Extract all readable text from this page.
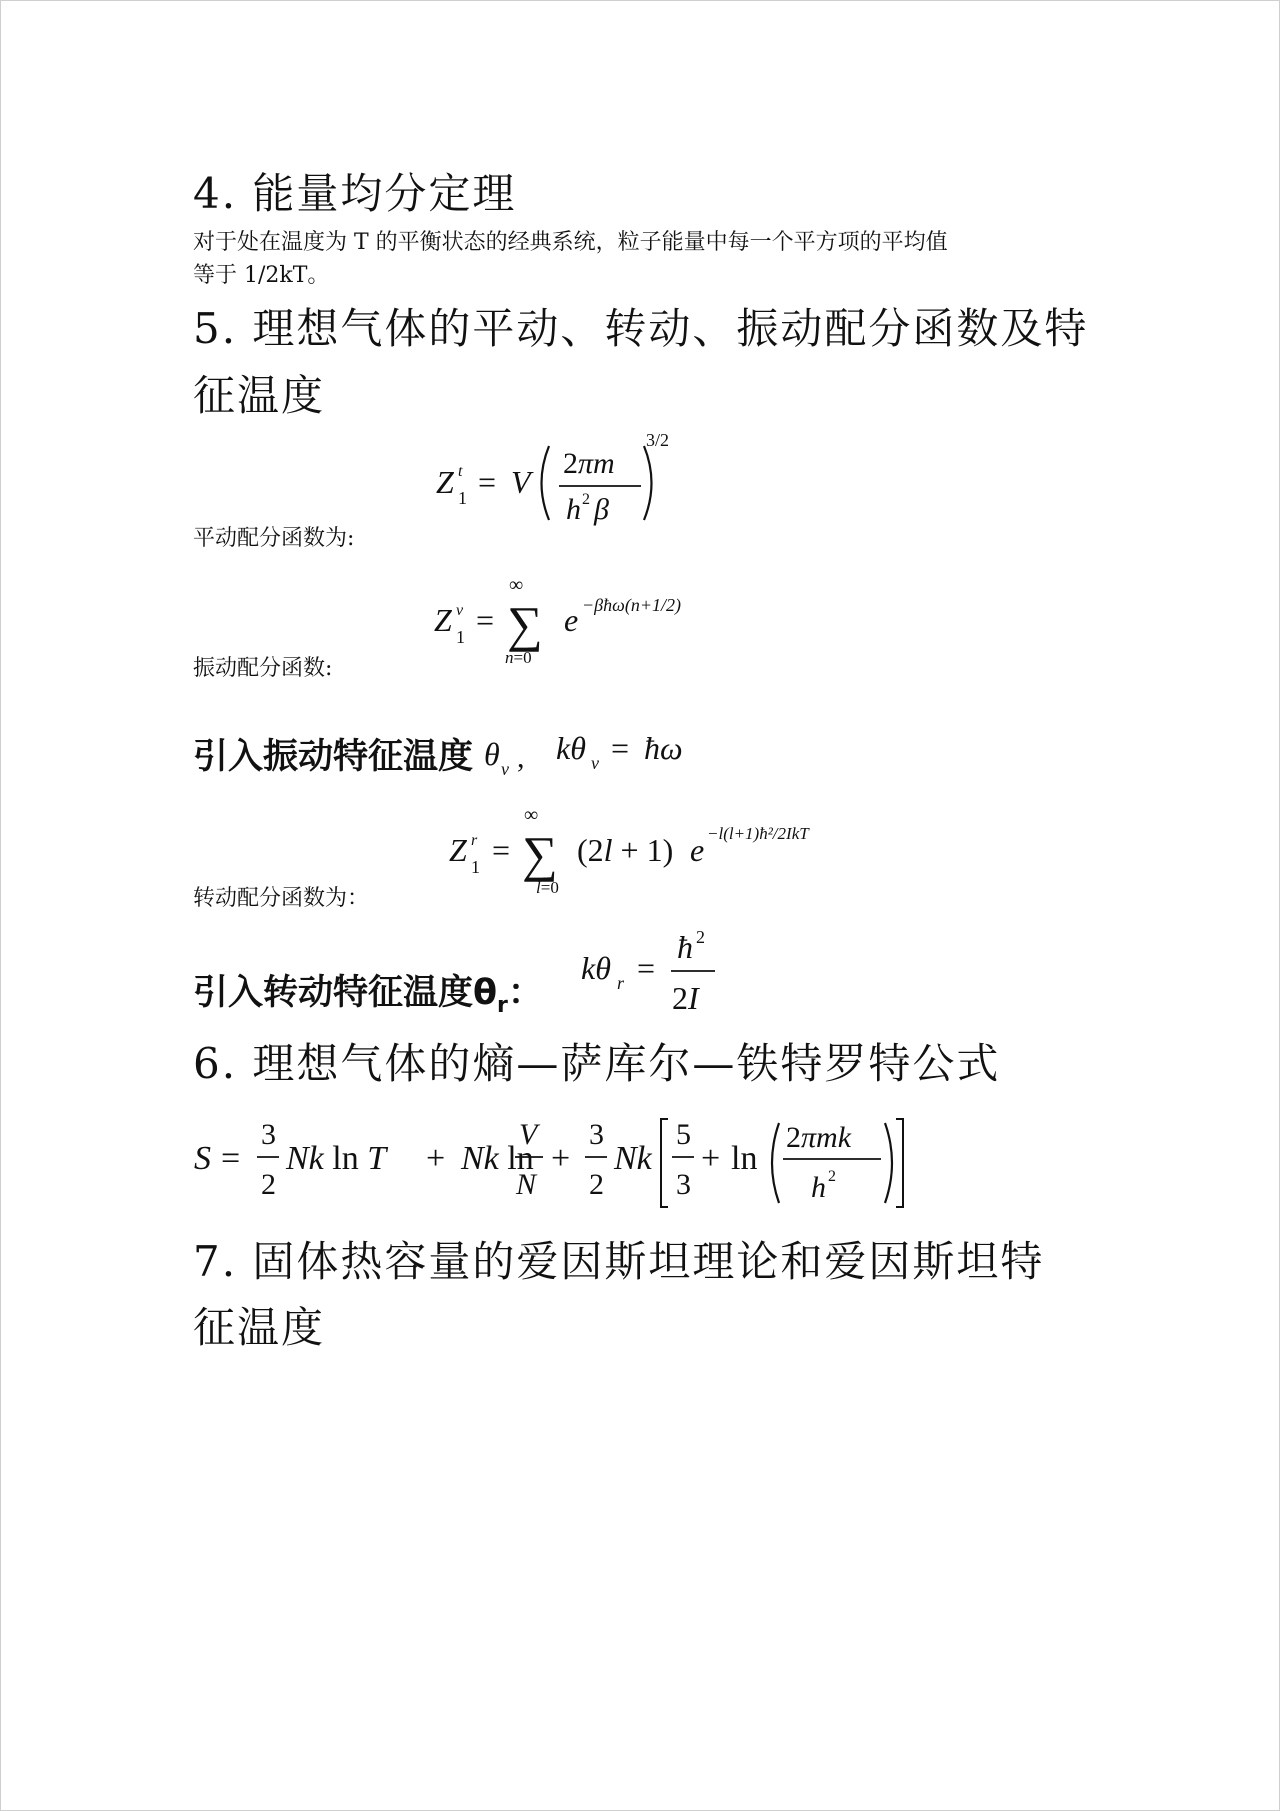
4. 能量均分定理
对于处在温度为 T 的平衡状态的经典系统，粒子能量中每一个平方项的平均值
等于 1/2kT。
5. 理想气体的平动、转动、振动配分函数及特
征温度
平动配分函数为:
Z t
1 = V
2πm
h 2 β
3/2
振动配分函数:
Z v
1 =
∞
∑
n=0
e −βħω(n+1/2)
引入振动特征温度 θ v , kθ v = ħω
转动配分函数为：
Z r
1 =
∞
∑
l=0
(2l + 1) e −l(l+1)ħ²/2IkT
引入转动特征温度$\theta_r$：
kθ r =
ħ 2
2I
6. 理想气体的熵—萨库尔—铁特罗特公式
S =
3
2
Nk ln T + Nk ln
V
N
+
3
2
Nk
5
3
+ ln
2πmk
h 2
7. 固体热容量的爱因斯坦理论和爱因斯坦特
征温度
